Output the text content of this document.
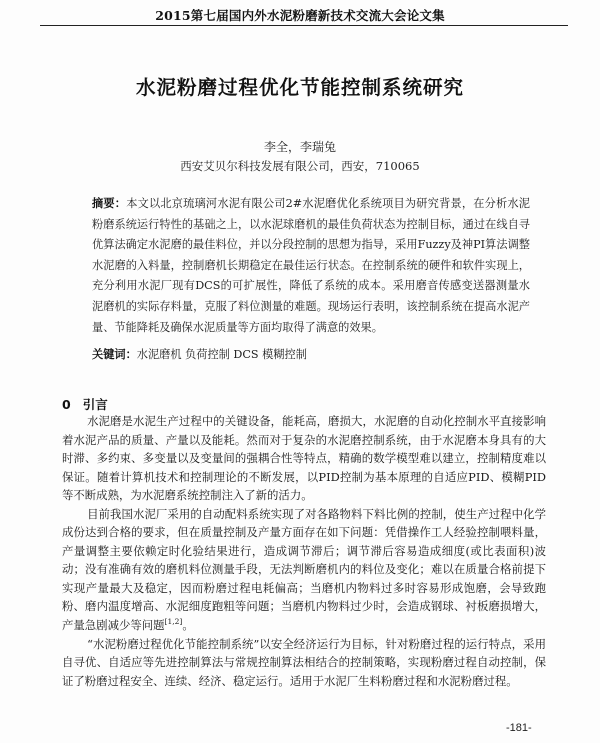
2015第七届国内外水泥粉磨新技术交流大会论文集
水泥粉磨过程优化节能控制系统研究
李全，李瑞兔
西安艾贝尔科技发展有限公司，西安，710065
摘要：本文以北京琉璃河水泥有限公司2#水泥磨优化系统项目为研究背景，在分析水泥粉磨系统运行特性的基础之上，以水泥球磨机的最佳负荷状态为控制目标，通过在线自寻优算法确定水泥磨的最佳料位，并以分段控制的思想为指导，采用Fuzzy及神PI算法调整水泥磨的入料量，控制磨机长期稳定在最佳运行状态。在控制系统的硬件和软件实现上，充分利用水泥厂现有DCS的可扩展性，降低了系统的成本。采用磨音传感变送器测量水泥磨机的实际存料量，克服了料位测量的难题。现场运行表明，该控制系统在提高水泥产量、节能降耗及确保水泥质量等方面均取得了满意的效果。
关键词：水泥磨机 负荷控制 DCS 模糊控制
0 引言

水泥磨是水泥生产过程中的关键设备，能耗高，磨损大，水泥磨的自动化控制水平直接影响着水泥产品的质量、产量以及能耗。然而对于复杂的水泥磨控制系统，由于水泥磨本身具有的大时滞、多约束、多变量以及变量间的强耦合性等特点，精确的数学模型难以建立，控制精度难以保证。随着计算机技术和控制理论的不断发展，以PID控制为基本原理的自适应PID、模糊PID等不断成熟，为水泥磨系统控制注入了新的活力。

目前我国水泥厂采用的自动配料系统实现了对各路物料下料比例的控制，使生产过程中化学成份达到合格的要求，但在质量控制及产量方面存在如下问题：凭借操作工人经验控制喂料量，产量调整主要依赖定时化验结果进行，造成调节滞后；调节滞后容易造成细度(或比表面积)波动；没有准确有效的磨机料位测量手段，无法判断磨机内的料位及变化；难以在质量合格前提下实现产量最大及稳定，因而粉磨过程电耗偏高；当磨机内物料过多时容易形成饱磨，会导致跑粉、磨内温度增高、水泥细度跑粗等问题；当磨机内物料过少时，会造成钢球、衬板磨损增大，产量急剧减少等问题[1,2]。

“水泥粉磨过程优化节能控制系统”以安全经济运行为目标，针对粉磨过程的运行特点，采用自寻优、自适应等先进控制算法与常规控制算法相结合的控制策略，实现粉磨过程自动控制，保证了粉磨过程安全、连续、经济、稳定运行。适用于水泥厂生料粉磨过程和水泥粉磨过程。

-181-
